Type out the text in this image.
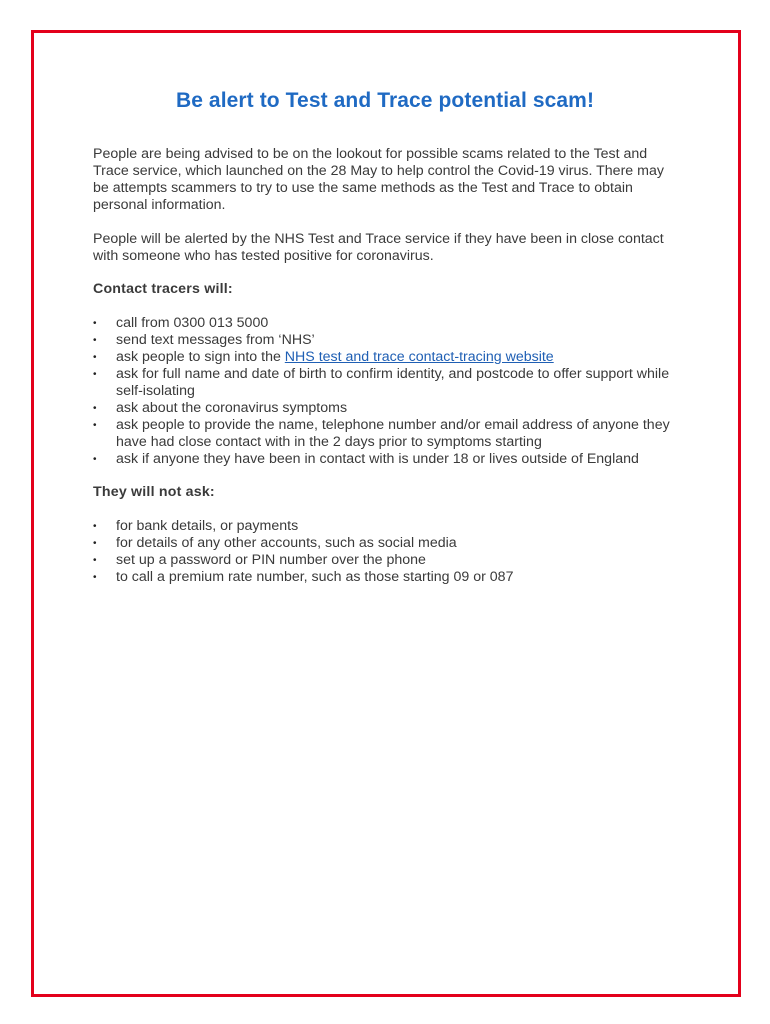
Be alert to Test and Trace potential scam!

People are being advised to be on the lookout for possible scams related to the Test and Trace service, which launched on the 28 May to help control the Covid-19 virus. There may be attempts scammers to try to use the same methods as the Test and Trace to obtain personal information.

People will be alerted by the NHS Test and Trace service if they have been in close contact with someone who has tested positive for coronavirus.

Contact tracers will:

• call from 0300 013 5000
• send text messages from ‘NHS’
• ask people to sign into the NHS test and trace contact-tracing website
• ask for full name and date of birth to confirm identity, and postcode to offer support while self-isolating
• ask about the coronavirus symptoms
• ask people to provide the name, telephone number and/or email address of anyone they have had close contact with in the 2 days prior to symptoms starting
• ask if anyone they have been in contact with is under 18 or lives outside of England

They will not ask:

• for bank details, or payments
• for details of any other accounts, such as social media
• set up a password or PIN number over the phone
• to call a premium rate number, such as those starting 09 or 087
